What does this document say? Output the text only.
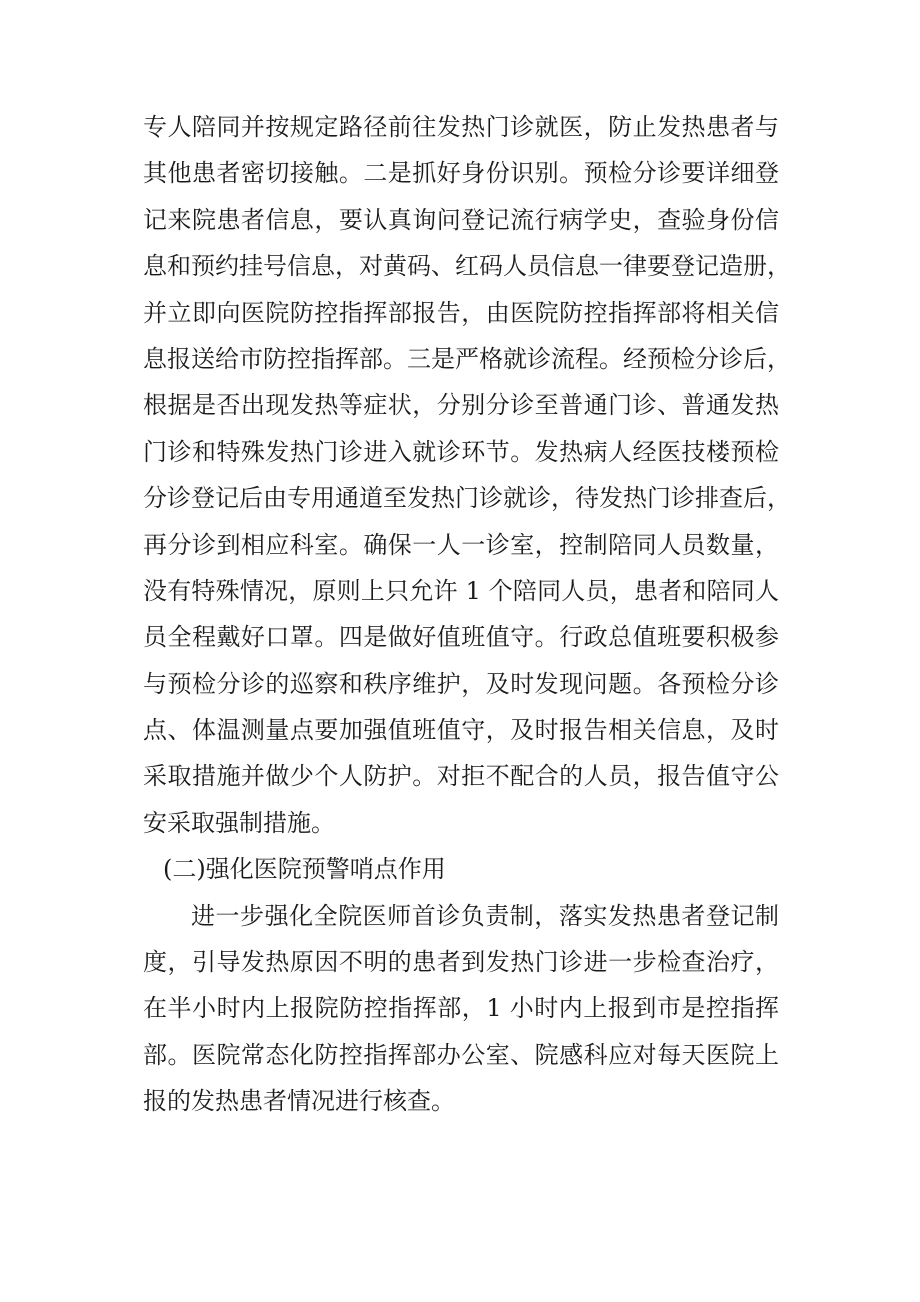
专人陪同并按规定路径前往发热门诊就医，防止发热患者与
其他患者密切接触。二是抓好身份识别。预检分诊要详细登
记来院患者信息，要认真询问登记流行病学史，查验身份信
息和预约挂号信息，对黄码、红码人员信息一律要登记造册，
并立即向医院防控指挥部报告，由医院防控指挥部将相关信
息报送给市防控指挥部。三是严格就诊流程。经预检分诊后，
根据是否出现发热等症状，分别分诊至普通门诊、普通发热
门诊和特殊发热门诊进入就诊环节。发热病人经医技楼预检
分诊登记后由专用通道至发热门诊就诊，待发热门诊排查后，
再分诊到相应科室。确保一人一诊室，控制陪同人员数量，
没有特殊情况，原则上只允许 1 个陪同人员，患者和陪同人
员全程戴好口罩。四是做好值班值守。行政总值班要积极参
与预检分诊的巡察和秩序维护，及时发现问题。各预检分诊
点、体温测量点要加强值班值守，及时报告相关信息，及时
采取措施并做少个人防护。对拒不配合的人员，报告值守公
安采取强制措施。
(二)强化医院预警哨点作用
进一步强化全院医师首诊负责制，落实发热患者登记制
度，引导发热原因不明的患者到发热门诊进一步检查治疗，
在半小时内上报院防控指挥部，1 小时内上报到市是控指挥
部。医院常态化防控指挥部办公室、院感科应对每天医院上
报的发热患者情况进行核查。
